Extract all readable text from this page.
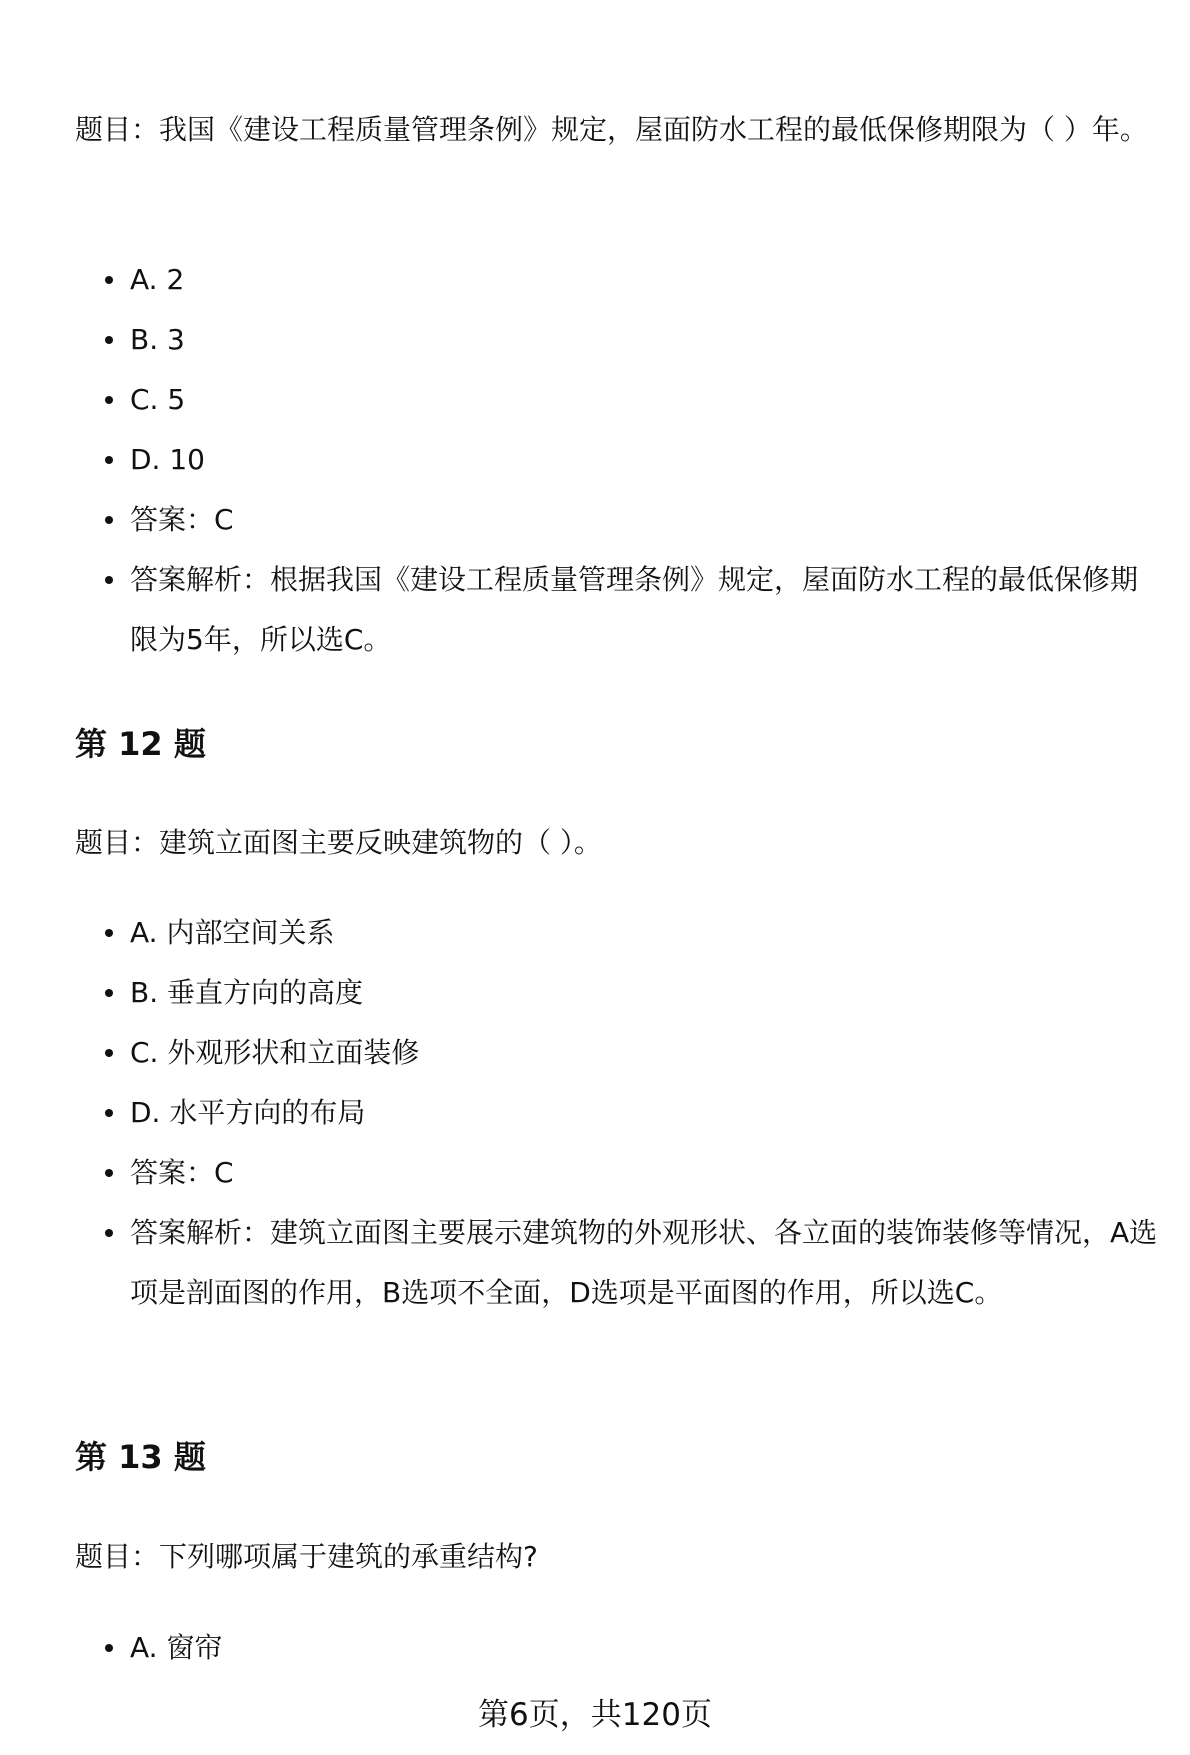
题目：我国《建设工程质量管理条例》规定，屋面防水工程的最低保修期限为（ ）年。

A. 2
B. 3
C. 5
D. 10
答案：C
答案解析：根据我国《建设工程质量管理条例》规定，屋面防水工程的最低保修期限为5年，所以选C。
第 12 题

题目：建筑立面图主要反映建筑物的（ ）。

A. 内部空间关系
B. 垂直方向的高度
C. 外观形状和立面装修
D. 水平方向的布局
答案：C
答案解析：建筑立面图主要展示建筑物的外观形状、各立面的装饰装修等情况，A选项是剖面图的作用，B选项不全面，D选项是平面图的作用，所以选C。
第 13 题

题目：下列哪项属于建筑的承重结构?

A. 窗帘
第6页，共120页
